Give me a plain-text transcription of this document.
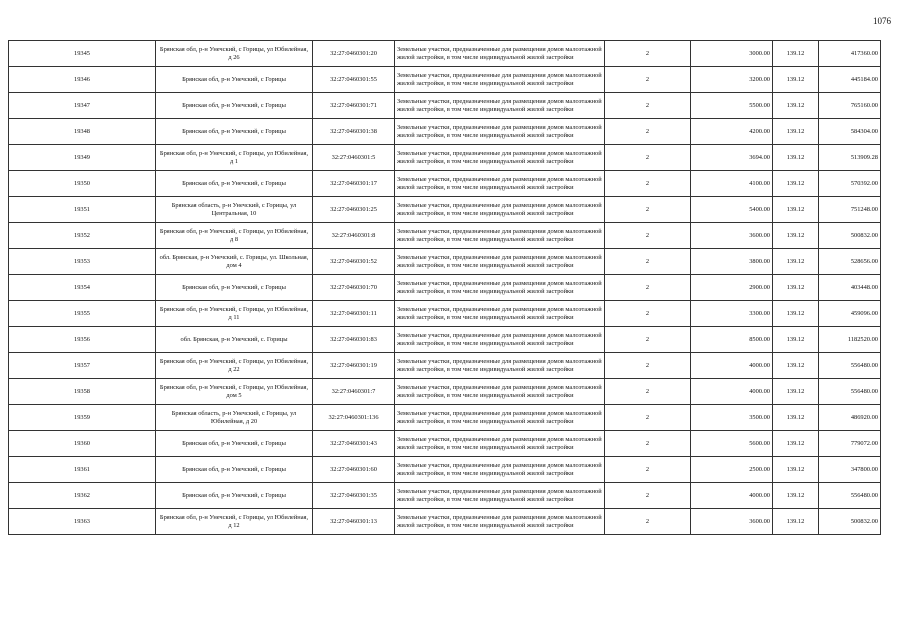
1076
19345	Брянская обл, р-н Унечский, с Горицы, ул Юбилейная, д 26	32:27:0460301:20	Земельные участки, предназначенные для размещения домов малоэтажной жилой застройки, в том числе индивидуальной жилой застройки	2	3000.00	139.12	417360.00
19346	Брянская обл, р-н Унечский, с Горицы	32:27:0460301:55	Земельные участки, предназначенные для размещения домов малоэтажной жилой застройки, в том числе индивидуальной жилой застройки	2	3200.00	139.12	445184.00
19347	Брянская обл, р-н Унечский, с Горицы	32:27:0460301:71	Земельные участки, предназначенные для размещения домов малоэтажной жилой застройки, в том числе индивидуальной жилой застройки	2	5500.00	139.12	765160.00
19348	Брянская обл, р-н Унечский, с Горицы	32:27:0460301:38	Земельные участки, предназначенные для размещения домов малоэтажной жилой застройки, в том числе индивидуальной жилой застройки	2	4200.00	139.12	584304.00
19349	Брянская обл, р-н Унечский, с Горицы, ул Юбилейная, д 1	32:27:0460301:5	Земельные участки, предназначенные для размещения домов малоэтажной жилой застройки, в том числе индивидуальной жилой застройки	2	3694.00	139.12	513909.28
19350	Брянская обл, р-н Унечский, с Горицы	32:27:0460301:17	Земельные участки, предназначенные для размещения домов малоэтажной жилой застройки, в том числе индивидуальной жилой застройки	2	4100.00	139.12	570392.00
19351	Брянская область, р-н Унечский, с Горицы, ул Центральная, 10	32:27:0460301:25	Земельные участки, предназначенные для размещения домов малоэтажной жилой застройки, в том числе индивидуальной жилой застройки	2	5400.00	139.12	751248.00
19352	Брянская обл, р-н Унечский, с Горицы, ул Юбилейная, д 8	32:27:0460301:8	Земельные участки, предназначенные для размещения домов малоэтажной жилой застройки, в том числе индивидуальной жилой застройки	2	3600.00	139.12	500832.00
19353	обл. Брянская, р-н Унечский, с. Горицы, ул. Школьная, дом 4	32:27:0460301:52	Земельные участки, предназначенные для размещения домов малоэтажной жилой застройки, в том числе индивидуальной жилой застройки	2	3800.00	139.12	528656.00
19354	Брянская обл, р-н Унечский, с Горицы	32:27:0460301:70	Земельные участки, предназначенные для размещения домов малоэтажной жилой застройки, в том числе индивидуальной жилой застройки	2	2900.00	139.12	403448.00
19355	Брянская обл, р-н Унечский, с Горицы, ул Юбилейная, д 11	32:27:0460301:11	Земельные участки, предназначенные для размещения домов малоэтажной жилой застройки, в том числе индивидуальной жилой застройки	2	3300.00	139.12	459096.00
19356	обл. Брянская, р-н Унечский, с. Горицы	32:27:0460301:83	Земельные участки, предназначенные для размещения домов малоэтажной жилой застройки, в том числе индивидуальной жилой застройки	2	8500.00	139.12	1182520.00
19357	Брянская обл, р-н Унечский, с Горицы, ул Юбилейная, д 22	32:27:0460301:19	Земельные участки, предназначенные для размещения домов малоэтажной жилой застройки, в том числе индивидуальной жилой застройки	2	4000.00	139.12	556480.00
19358	Брянская обл, р-н Унечский, с Горицы, ул Юбилейная, дом 5	32:27:0460301:7	Земельные участки, предназначенные для размещения домов малоэтажной жилой застройки, в том числе индивидуальной жилой застройки	2	4000.00	139.12	556480.00
19359	Брянская область, р-н Унечский, с Горицы, ул Юбилейная, д 20	32:27:0460301:136	Земельные участки, предназначенные для размещения домов малоэтажной жилой застройки, в том числе индивидуальной жилой застройки	2	3500.00	139.12	486920.00
19360	Брянская обл, р-н Унечский, с Горицы	32:27:0460301:43	Земельные участки, предназначенные для размещения домов малоэтажной жилой застройки, в том числе индивидуальной жилой застройки	2	5600.00	139.12	779072.00
19361	Брянская обл, р-н Унечский, с Горицы	32:27:0460301:60	Земельные участки, предназначенные для размещения домов малоэтажной жилой застройки, в том числе индивидуальной жилой застройки	2	2500.00	139.12	347800.00
19362	Брянская обл, р-н Унечский, с Горицы	32:27:0460301:35	Земельные участки, предназначенные для размещения домов малоэтажной жилой застройки, в том числе индивидуальной жилой застройки	2	4000.00	139.12	556480.00
19363	Брянская обл, р-н Унечский, с Горицы, ул Юбилейная, д 12	32:27:0460301:13	Земельные участки, предназначенные для размещения домов малоэтажной жилой застройки, в том числе индивидуальной жилой застройки	2	3600.00	139.12	500832.00
